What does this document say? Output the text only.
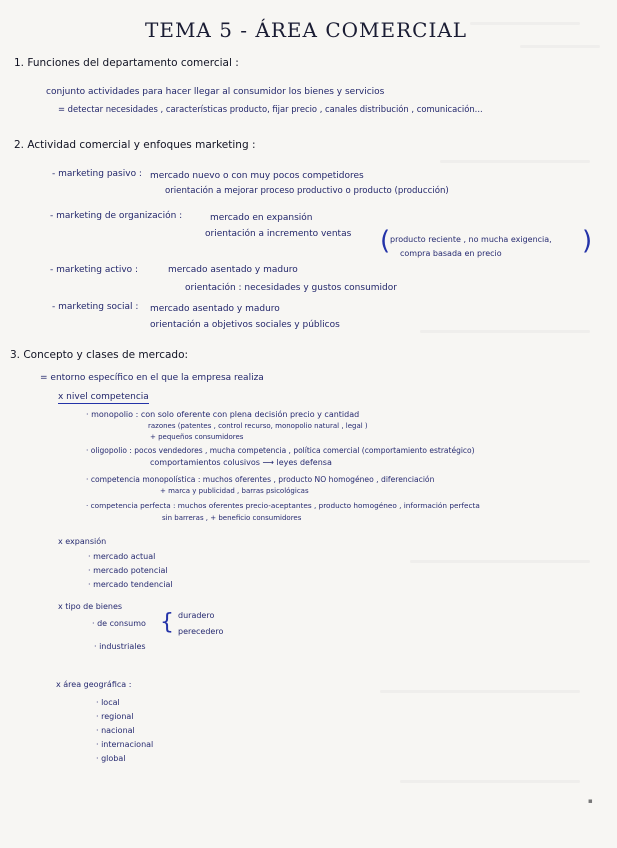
TEMA 5 - ÁREA COMERCIAL
1. Funciones del departamento comercial :
conjunto actividades para hacer llegar al consumidor los bienes y servicios
= detectar necesidades , características producto, fijar precio , canales distribución , comunicación...
2. Actividad comercial y enfoques marketing :
- marketing pasivo : mercado nuevo o con muy pocos competidores
orientación a mejorar proceso productivo o producto (producción)
- marketing de organización :	mercado en expansión
orientación a incremento ventas ( producto reciente , no mucha exigencia,
compra basada en precio	)
- marketing activo :	mercado asentado y maduro
orientación : necesidades y gustos consumidor
- marketing social : mercado asentado y maduro
orientación a objetivos sociales y públicos
3. Concepto y clases de mercado:
= entorno específico en el que la empresa realiza
x nivel competencia
· monopolio : con solo oferente con plena decisión precio y cantidad
razones (patentes , control recurso, monopolio natural , legal )
+ pequeños consumidores
· oligopolio : pocos vendedores , mucha competencia , política comercial (comportamiento estratégico)
comportamientos colusivos ⟶ leyes defensa
· competencia monopolística : muchos oferentes , producto NO homogéneo , diferenciación
+ marca y publicidad , barras psicológicas
· competencia perfecta : muchos oferentes precio-aceptantes , producto homogéneo , información perfecta
sin barreras , + beneficio consumidores
x expansión
· mercado actual
· mercado potencial
· mercado tendencial
x tipo de bienes
· de consumo { duradero
perecedero
· industriales
x área geográfica :
· local
· regional
· nacional
· internacional
· global
▪
